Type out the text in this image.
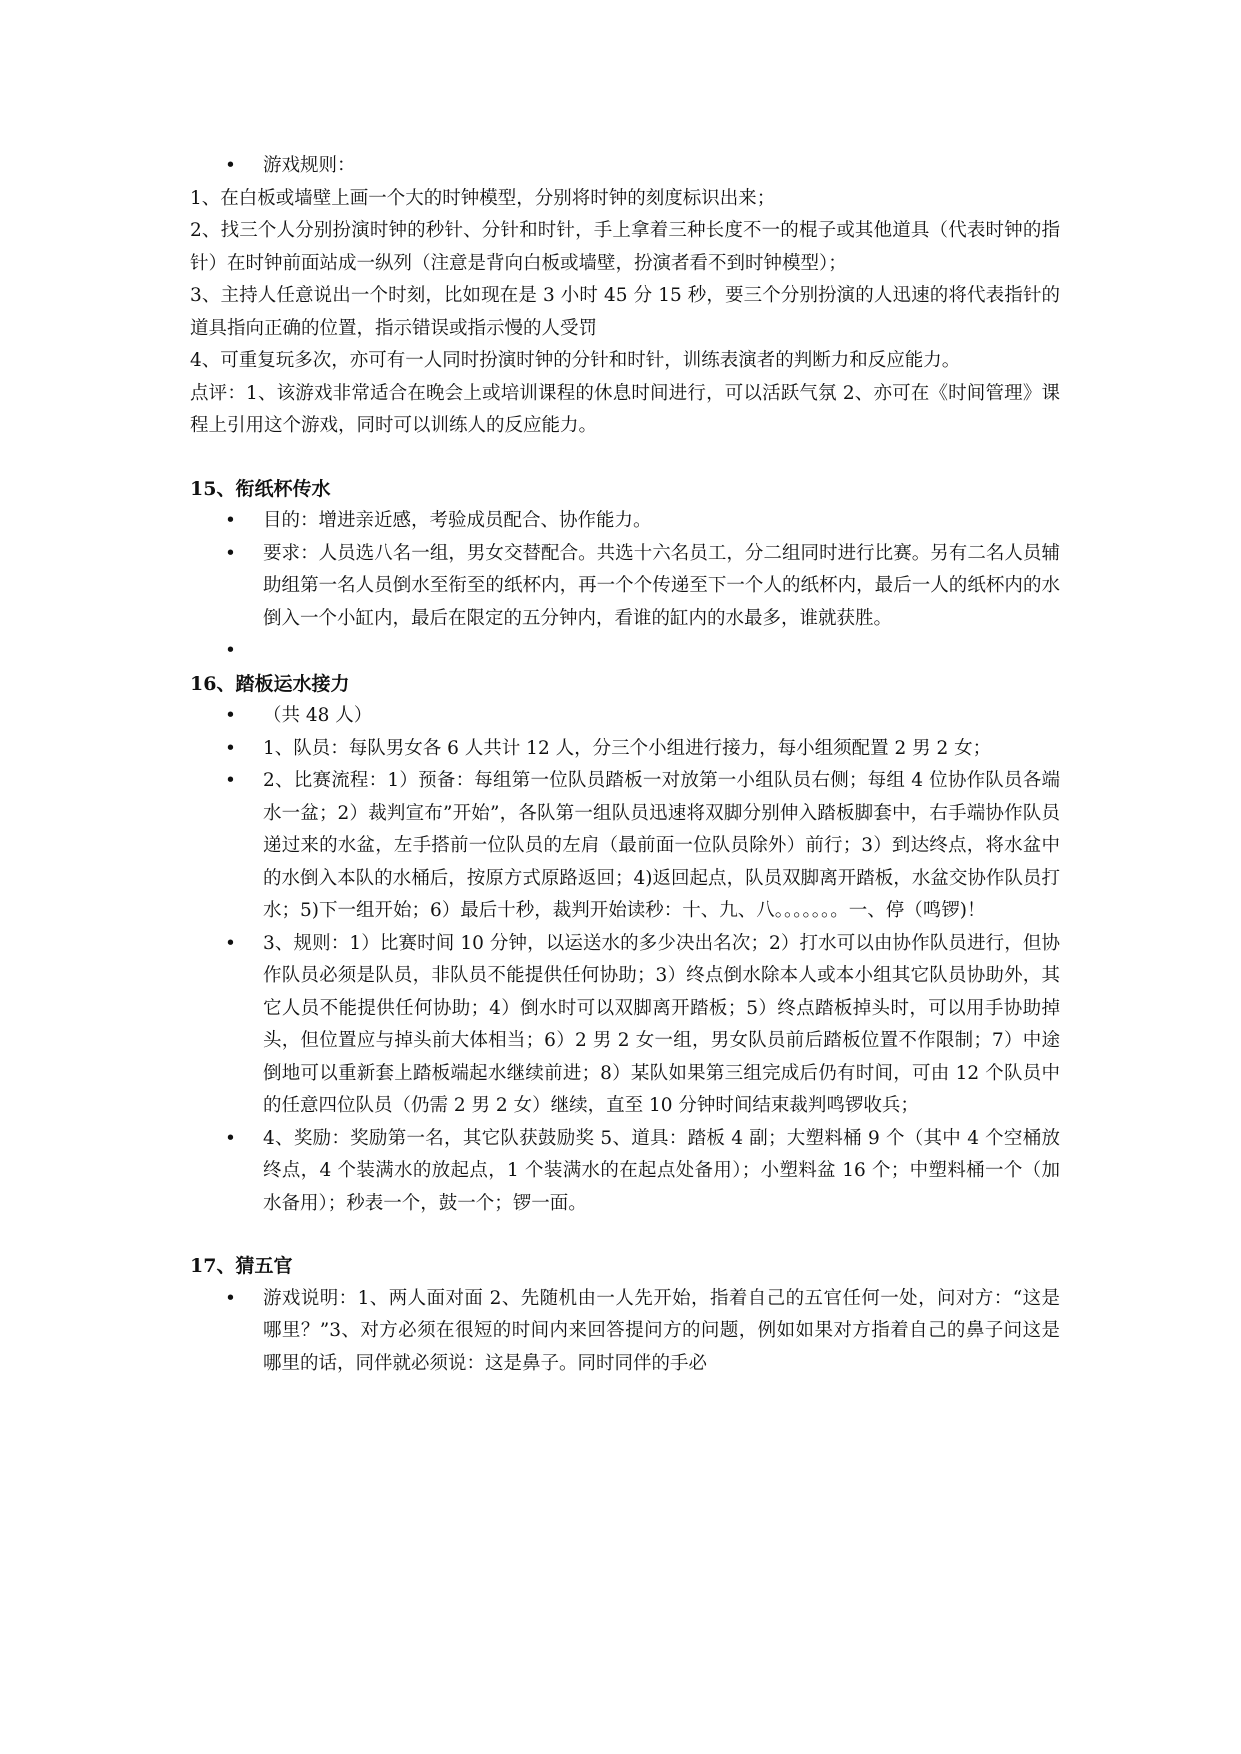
• 游戏规则：

1、在白板或墙壁上画一个大的时钟模型，分别将时钟的刻度标识出来；

2、找三个人分别扮演时钟的秒针、分针和时针，手上拿着三种长度不一的棍子或其他道具（代表时钟的指针）在时钟前面站成一纵列（注意是背向白板或墙壁，扮演者看不到时钟模型）；

3、主持人任意说出一个时刻，比如现在是 3 小时 45 分 15 秒，要三个分别扮演的人迅速的将代表指针的道具指向正确的位置，指示错误或指示慢的人受罚

4、可重复玩多次，亦可有一人同时扮演时钟的分针和时针，训练表演者的判断力和反应能力。

点评：1、该游戏非常适合在晚会上或培训课程的休息时间进行，可以活跃气氛 2、亦可在《时间管理》课程上引用这个游戏，同时可以训练人的反应能力。

15、衔纸杯传水

• 目的：增进亲近感，考验成员配合、协作能力。
• 要求：人员选八名一组，男女交替配合。共选十六名员工，分二组同时进行比赛。另有二名人员辅助组第一名人员倒水至衔至的纸杯内，再一个个传递至下一个人的纸杯内，最后一人的纸杯内的水倒入一个小缸内，最后在限定的五分钟内，看谁的缸内的水最多，谁就获胜。
•

16、踏板运水接力

• （共 48 人）
• 1、队员：每队男女各 6 人共计 12 人，分三个小组进行接力，每小组须配置 2 男 2 女；
• 2、比赛流程：1）预备：每组第一位队员踏板一对放第一小组队员右侧；每组 4 位协作队员各端水一盆；2）裁判宣布”开始”，各队第一组队员迅速将双脚分别伸入踏板脚套中，右手端协作队员递过来的水盆，左手搭前一位队员的左肩（最前面一位队员除外）前行；3）到达终点，将水盆中的水倒入本队的水桶后，按原方式原路返回；4)返回起点，队员双脚离开踏板，水盆交协作队员打水；5)下一组开始；6）最后十秒，裁判开始读秒：十、九、八。。。。。。。一、停（鸣锣)！
• 3、规则：1）比赛时间 10 分钟，以运送水的多少决出名次；2）打水可以由协作队员进行，但协作队员必须是队员，非队员不能提供任何协助；3）终点倒水除本人或本小组其它队员协助外，其它人员不能提供任何协助；4）倒水时可以双脚离开踏板；5）终点踏板掉头时，可以用手协助掉头，但位置应与掉头前大体相当；6）2 男 2 女一组，男女队员前后踏板位置不作限制；7）中途倒地可以重新套上踏板端起水继续前进；8）某队如果第三组完成后仍有时间，可由 12 个队员中的任意四位队员（仍需 2 男 2 女）继续，直至 10 分钟时间结束裁判鸣锣收兵；
• 4、奖励：奖励第一名，其它队获鼓励奖 5、道具：踏板 4 副；大塑料桶 9 个（其中 4 个空桶放终点，4 个装满水的放起点，1 个装满水的在起点处备用）；小塑料盆 16 个；中塑料桶一个（加水备用）；秒表一个，鼓一个；锣一面。

17、猜五官

• 游戏说明：1、两人面对面 2、先随机由一人先开始，指着自己的五官任何一处，问对方：“这是哪里？”3、对方必须在很短的时间内来回答提问方的问题，例如如果对方指着自己的鼻子问这是哪里的话，同伴就必须说：这是鼻子。同时同伴的手必
